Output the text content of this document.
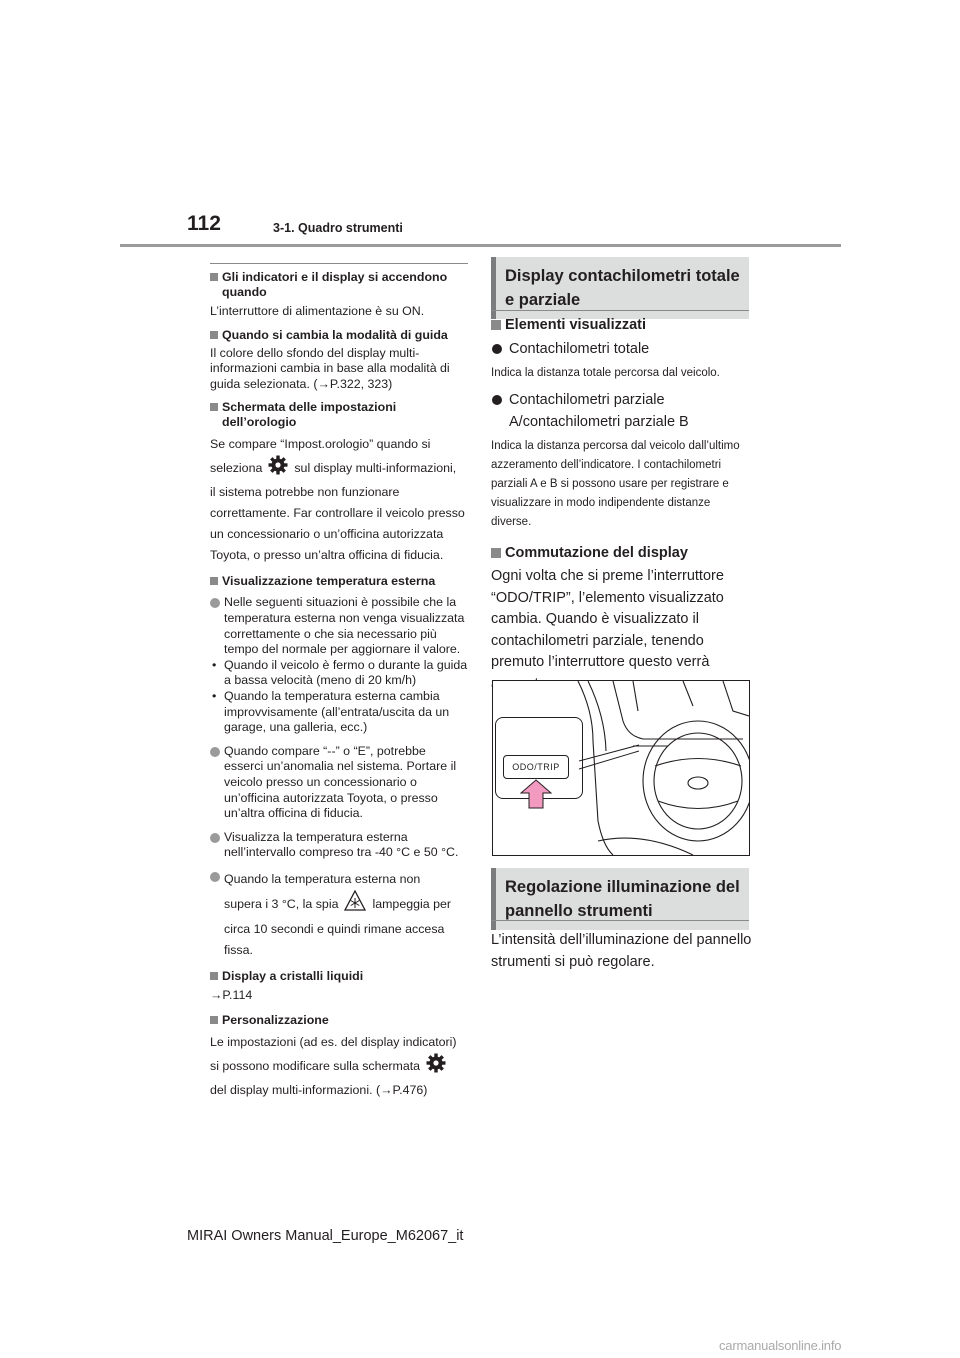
112	3-1. Quadro strumenti
Gli indicatori e il display si accendono quando
L’interruttore di alimentazione è su ON.
Quando si cambia la modalità di guida
Il colore dello sfondo del display multi-informazioni cambia in base alla modalità di guida selezionata. (→P.322, 323)
Schermata delle impostazioni dell’orologio
Se compare “Impost.orologio” quando si
seleziona	sul display multi-informazioni,
il sistema potrebbe non funzionare correttamente. Far controllare il veicolo presso un concessionario o un’officina autorizzata Toyota, o presso un’altra officina di fiducia.
Visualizzazione temperatura esterna
Nelle seguenti situazioni è possibile che la temperatura esterna non venga visualizzata correttamente o che sia necessario più tempo del normale per aggiornare il valore.
• Quando il veicolo è fermo o durante la guida a bassa velocità (meno di 20 km/h)
• Quando la temperatura esterna cambia improvvisamente (all’entrata/uscita da un garage, una galleria, ecc.)
Quando compare “--” o “E”, potrebbe esserci un’anomalia nel sistema. Portare il veicolo presso un concessionario o un’officina autorizzata Toyota, o presso un’altra officina di fiducia.
Visualizza la temperatura esterna nell’intervallo compreso tra -40 °C e 50 °C.
Quando la temperatura esterna non
supera i 3 °C, la spia	lampeggia per
circa 10 secondi e quindi rimane accesa fissa.
Display a cristalli liquidi
→P.114
Personalizzazione
Le impostazioni (ad es. del display indicatori)
si possono modificare sulla schermata
del display multi-informazioni. (→P.476)
Display contachilometri totale e parziale
Elementi visualizzati
Contachilometri totale
Indica la distanza totale percorsa dal veicolo.
Contachilometri parziale A/contachilometri parziale B
Indica la distanza percorsa dal veicolo dall’ultimo azzeramento dell’indicatore. I contachilometri parziali A e B si possono usare per registrare e visualizzare in modo indipendente distanze diverse.
Commutazione del display
Ogni volta che si preme l’interruttore “ODO/TRIP”, l’elemento visualizzato cambia. Quando è visualizzato il contachilometri parziale, tenendo premuto l’interruttore questo verrà
ODO/TRIP
Regolazione illuminazione del pannello strumenti
L’intensità dell’illuminazione del pannello strumenti si può regolare.
MIRAI Owners Manual_Europe_M62067_it
carmanualsonline.info
